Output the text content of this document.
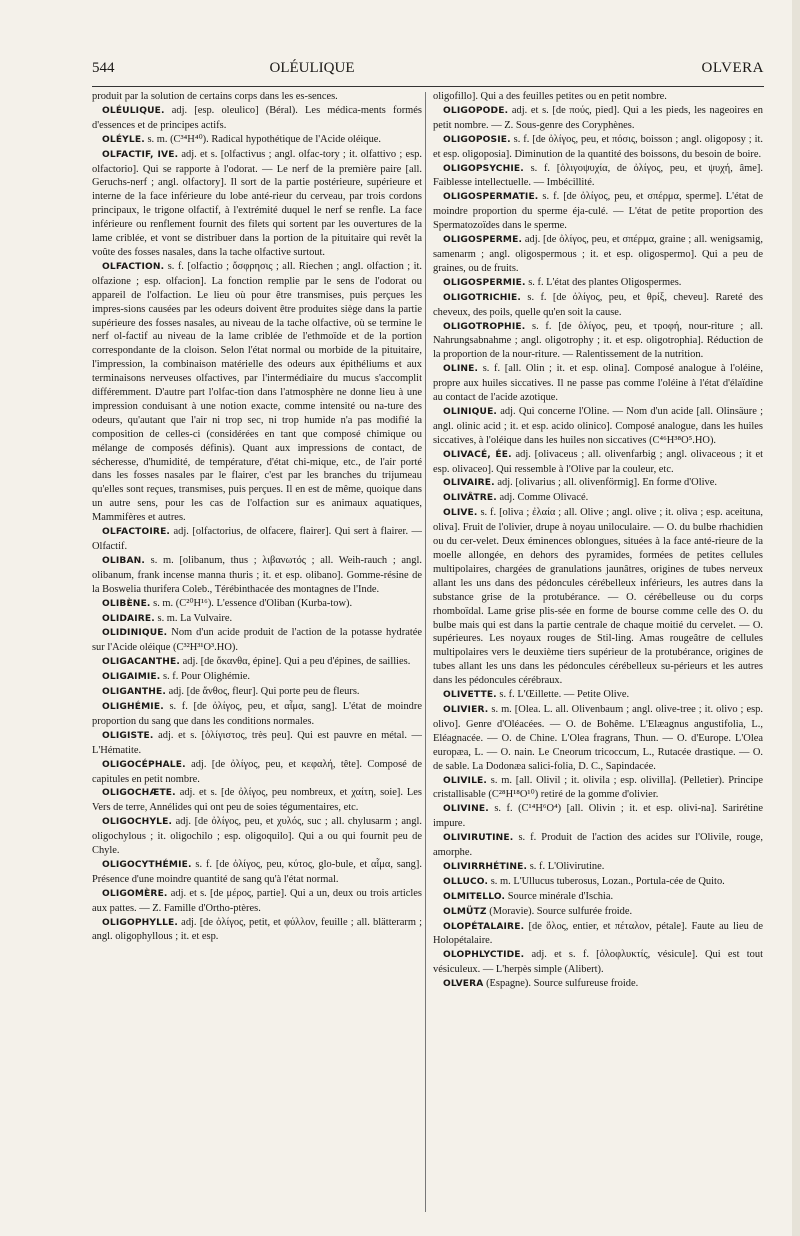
544	OLÉULIQUE	OLVERA

produit par la solution de certains corps dans les es-sences.

OLÉULIQUE. adj. [esp. oleulico] (Béral). Les médica-ments formés d'essences et de principes actifs.

OLÉYLE. s. m. (C³⁴H⁴⁰). Radical hypothétique de l'Acide oléique.

OLFACTIF, IVE. adj. et s. [olfactivus ; angl. olfac-tory ; it. olfattivo ; esp. olfactorio]. Qui se rapporte à l'odorat. — Le nerf de la première paire [all. Geruchs-nerf ; angl. olfactory]. Il sort de la partie postérieure, supérieure et interne de la face inférieure du lobe anté-rieur du cerveau, par trois cordons principaux, le trigone olfactif, à l'extrémité duquel le nerf se renfle. La face inférieure ou renflement fournit des filets qui sortent par les ouvertures de la lame criblée, et vont se distribuer dans la portion de la pituitaire qui revêt la voûte des fosses nasales, dans la tache olfactive surtout.

OLFACTION. s. f. [olfactio ; ὄσφρησις ; all. Riechen ; angl. olfaction ; it. olfazione ; esp. olfacion]. La fonction remplie par le sens de l'odorat ou appareil de l'olfaction. Le lieu où pour être transmises, puis perçues les impres-sions causées par les odeurs doivent être produites siège dans la partie supérieure des fosses nasales, au niveau de la tache olfactive, où se termine le nerf ol-factif au niveau de la lame criblée de l'ethmoïde et de la portion correspondante de la cloison. Selon l'état normal ou morbide de la pituitaire, l'impression, la combinaison matérielle des odeurs aux épithéliums et aux terminaisons nerveuses olfactives, par l'intermédiaire du mucus s'accomplit différemment. D'autre part l'olfac-tion dans l'atmosphère ne donne lieu à une impression conduisant à une notion exacte, comme intensité ou na-ture des odeurs, qu'autant que l'air ni trop sec, ni trop humide n'a pas modifié la composition de celles-ci (considérées en tant que composé chimique ou mélange de composés définis). Quant aux impressions de contact, de sécheresse, d'humidité, de température, d'état chi-mique, etc., de l'air porté dans les fosses nasales par le flairer, c'est par les branches du trijumeau qu'elles sont reçues, transmises, puis perçues. Il en est de même, quoique dans un autre sens, pour les cas de l'olfaction sur es animaux aquatiques, Mammifères et autres.

OLFACTOIRE. adj. [olfactorius, de olfacere, flairer]. Qui sert à flairer. — Olfactif.

OLIBAN. s. m. [olibanum, thus ; λιβανωτός ; all. Weih-rauch ; angl. olibanum, frank incense manna thuris ; it. et esp. olibano]. Gomme-résine de la Boswelia thurifera Coleb., Térébinthacée des montagnes de l'Inde.

OLIBÈNE. s. m. (C²⁰H¹⁶). L'essence d'Oliban (Kurba-tow).

OLIDAIRE. s. m. La Vulvaire.

OLIDINIQUE. Nom d'un acide produit de l'action de la potasse hydratée sur l'Acide oléique (C³²H³¹O³.HO).

OLIGACANTHE. adj. [de ὄκανθα, épine]. Qui a peu d'épines, de saillies.

OLIGAIMIE. s. f. Pour Olighémie.

OLIGANTHE. adj. [de ἄνθος, fleur]. Qui porte peu de fleurs.

OLIGHÉMIE. s. f. [de ὀλίγος, peu, et αἷμα, sang]. L'état de moindre proportion du sang que dans les conditions normales.

OLIGISTE. adj. et s. [ὀλίγιστος, très peu]. Qui est pauvre en métal. — L'Hématite.

OLIGOCÉPHALE. adj. [de ὀλίγος, peu, et κεφαλή, tête]. Composé de capitules en petit nombre.

OLIGOCHÆTE. adj. et s. [de ὀλίγος, peu nombreux, et χαίτη, soie]. Les Vers de terre, Annélides qui ont peu de soies tégumentaires, etc.

OLIGOCHYLE. adj. [de ὀλίγος, peu, et χυλός, suc ; all. chylusarm ; angl. oligochylous ; it. oligochilo ; esp. oligoquilo]. Qui a ou qui fournit peu de Chyle.

OLIGOCYTHÉMIE. s. f. [de ὀλίγος, peu, κύτος, glo-bule, et αἷμα, sang]. Présence d'une moindre quantité de sang qu'à l'état normal.

OLIGOMÈRE. adj. et s. [de μέρος, partie]. Qui a un, deux ou trois articles aux pattes. — Z. Famille d'Ortho-ptères.

OLIGOPHYLLE. adj. [de ὀλίγος, petit, et φύλλον, feuille ; all. blätterarm ; angl. oligophyllous ; it. et esp.

oligofillo]. Qui a des feuilles petites ou en petit nombre.

OLIGOPODE. adj. et s. [de πούς, pied]. Qui a les pieds, les nageoires en petit nombre. — Z. Sous-genre des Coryphènes.

OLIGOPOSIE. s. f. [de ὀλίγος, peu, et πόσις, boisson ; angl. oligoposy ; it. et esp. oligoposia]. Diminution de la quantité des boissons, du besoin de boire.

OLIGOPSYCHIE. s. f. [ὀλιγοψυχία, de ὀλίγος, peu, et ψυχή, âme]. Faiblesse intellectuelle. — Imbécillité.

OLIGOSPERMATIE. s. f. [de ὀλίγος, peu, et σπέρμα, sperme]. L'état de moindre proportion du sperme éja-culé. — L'état de petite proportion des Spermatozoïdes dans le sperme.

OLIGOSPERME. adj. [de ὀλίγος, peu, et σπέρμα, graine ; all. wenigsamig, samenarm ; angl. oligospermous ; it. et esp. oligospermo]. Qui a peu de graines, ou de fruits.

OLIGOSPERMIE. s. f. L'état des plantes Oligospermes.

OLIGOTRICHIE. s. f. [de ὀλίγος, peu, et θρίξ, cheveu]. Rareté des cheveux, des poils, quelle qu'en soit la cause.

OLIGOTROPHIE. s. f. [de ὀλίγος, peu, et τροφή, nour-riture ; all. Nahrungsabnahme ; angl. oligotrophy ; it. et esp. oligotrophia]. Réduction de la proportion de la nour-riture. — Ralentissement de la nutrition.

OLINE. s. f. [all. Olin ; it. et esp. olina]. Composé analogue à l'oléine, propre aux huiles siccatives. Il ne passe pas comme l'oléine à l'état d'élaïdine au contact de l'acide azotique.

OLINIQUE. adj. Qui concerne l'Oline. — Nom d'un acide [all. Olinsäure ; angl. olinic acid ; it. et esp. acido olinico]. Composé analogue, dans les huiles siccatives, à l'oléique dans les huiles non siccatives (C⁴⁶H³⁸O⁵.HO).

OLIVACÉ, ÉE. adj. [olivaceus ; all. olivenfarbig ; angl. olivaceous ; it et esp. olivaceo]. Qui ressemble à l'Olive par la couleur, etc.

OLIVAIRE. adj. [olivarius ; all. olivenförmig]. En forme d'Olive.

OLIVÂTRE. adj. Comme Olivacé.

OLIVE. s. f. [oliva ; ἐλαία ; all. Olive ; angl. olive ; it. oliva ; esp. aceituna, oliva]. Fruit de l'olivier, drupe à noyau uniloculaire. — O. du bulbe rhachidien ou du cer-velet. Deux éminences oblongues, situées à la face anté-rieure de la moelle allongée, en dehors des pyramides, formées de petites cellules multipolaires, chargées de granulations jaunâtres, origines de tubes nerveux allant les uns dans des pédoncules cérébelleux inférieurs, les autres dans la substance grise de la protubérance. — O. cérébelleuse ou du corps rhomboïdal. Lame grise plis-sée en forme de bourse comme celle des O. du bulbe mais qui est dans la partie centrale de chaque moitié du cervelet. — O. supérieures. Les noyaux rouges de Stil-ling. Amas rougeâtre de cellules multipolaires vers le deuxième tiers supérieur de la protubérance, origines de tubes allant les uns dans les pédoncules cérébelleux su-périeurs et les autres dans les pédoncules cérébraux.

OLIVETTE. s. f. L'Œillette. — Petite Olive.

OLIVIER. s. m. [Olea. L. all. Olivenbaum ; angl. olive-tree ; it. olivo ; esp. olivo]. Genre d'Oléacées. — O. de Bohême. L'Elæagnus angustifolia, L., Eléagnacée. — O. de Chine. L'Olea fragrans, Thun. — O. d'Europe. L'Olea europæa, L. — O. nain. Le Cneorum tricoccum, L., Rutacée drastique. — O. de sable. La Dodonæa salici-folia, D. C., Sapindacée.

OLIVILE. s. m. [all. Olivil ; it. olivila ; esp. olivilla]. (Pelletier). Principe cristallisable (C²⁸H¹⁸O¹⁰) retiré de la gomme d'olivier.

OLIVINE. s. f. (C¹⁴H⁶O⁴) [all. Olivin ; it. et esp. olivi-na]. Sarirétine impure.

OLIVIRUTINE. s. f. Produit de l'action des acides sur l'Olivile, rouge, amorphe.

OLIVIRRHÉTINE. s. f. L'Olivirutine.

OLLUCO. s. m. L'Ullucus tuberosus, Lozan., Portula-cée de Quito.

OLMITELLO. Source minérale d'Ischia.

OLMÜTZ (Moravie). Source sulfurée froide.

OLOPÉTALAIRE. [de ὅλος, entier, et πέταλον, pétale]. Faute au lieu de Holopétalaire.

OLOPHLYCTIDE. adj. et s. f. [ὁλοφλυκτίς, vésicule]. Qui est tout vésiculeux. — L'herpès simple (Alibert).

OLVERA (Espagne). Source sulfureuse froide.
